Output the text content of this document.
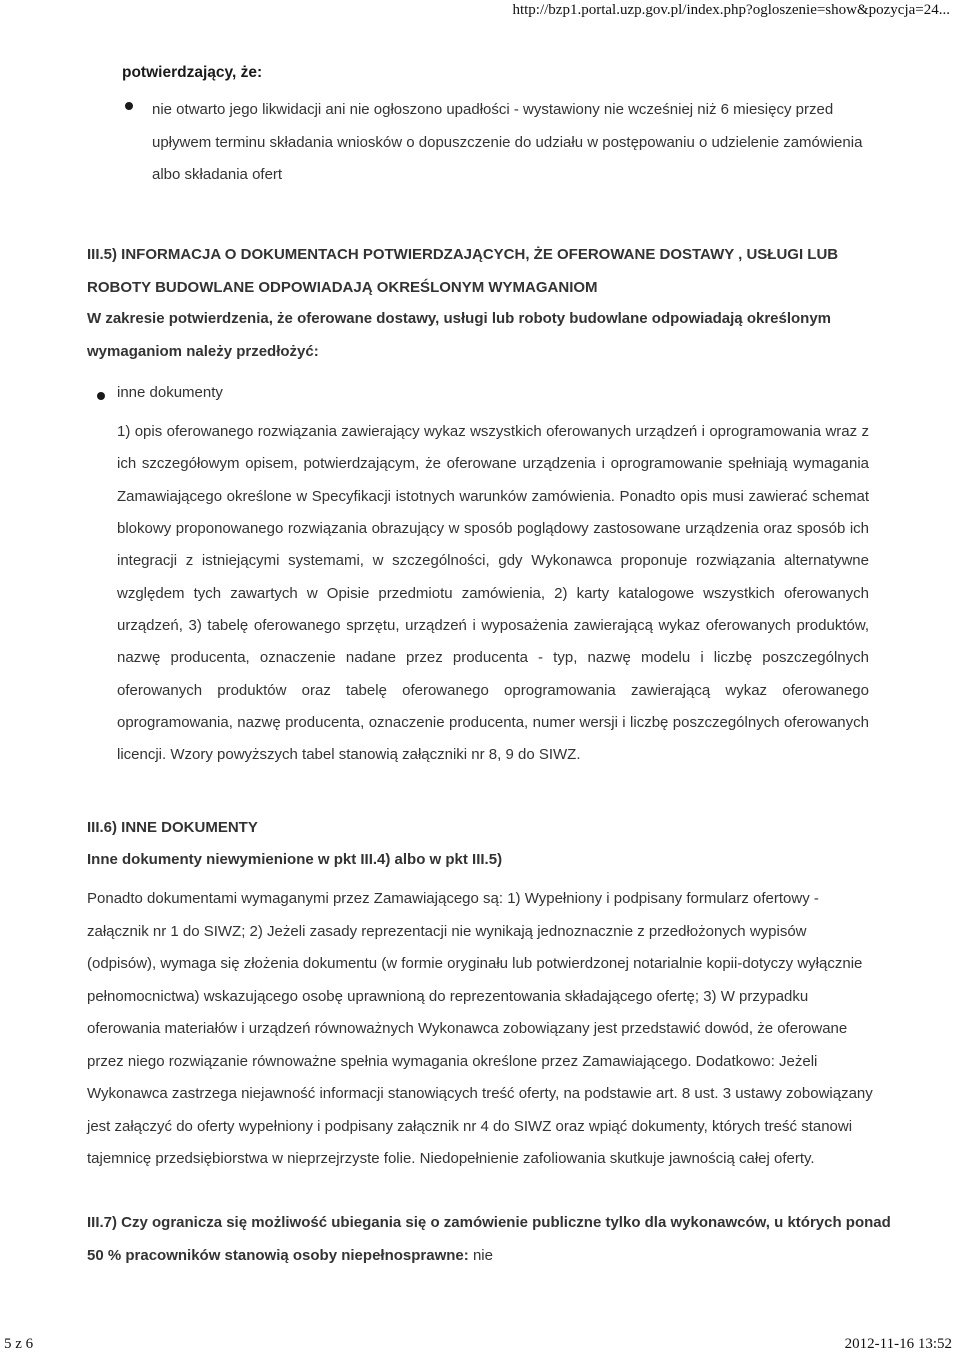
http://bzp1.portal.uzp.gov.pl/index.php?ogloszenie=show&pozycja=24...
potwierdzający, że:
nie otwarto jego likwidacji ani nie ogłoszono upadłości - wystawiony nie wcześniej niż 6 miesięcy przed upływem terminu składania wniosków o dopuszczenie do udziału w postępowaniu o udzielenie zamówienia albo składania ofert
III.5) INFORMACJA O DOKUMENTACH POTWIERDZAJĄCYCH, ŻE OFEROWANE DOSTAWY , USŁUGI LUB ROBOTY BUDOWLANE ODPOWIADAJĄ OKREŚLONYM WYMAGANIOM
W zakresie potwierdzenia, że oferowane dostawy, usługi lub roboty budowlane odpowiadają określonym wymaganiom należy przedłożyć:
inne dokumenty
1) opis oferowanego rozwiązania zawierający wykaz wszystkich oferowanych urządzeń i oprogramowania wraz z ich szczegółowym opisem, potwierdzającym, że oferowane urządzenia i oprogramowanie spełniają wymagania Zamawiającego określone w Specyfikacji istotnych warunków zamówienia. Ponadto opis musi zawierać schemat blokowy proponowanego rozwiązania obrazujący w sposób poglądowy zastosowane urządzenia oraz sposób ich integracji z istniejącymi systemami, w szczególności, gdy Wykonawca proponuje rozwiązania alternatywne względem tych zawartych w Opisie przedmiotu zamówienia, 2) karty katalogowe wszystkich oferowanych urządzeń, 3) tabelę oferowanego sprzętu, urządzeń i wyposażenia zawierającą wykaz oferowanych produktów, nazwę producenta, oznaczenie nadane przez producenta - typ, nazwę modelu i liczbę poszczególnych oferowanych produktów oraz tabelę oferowanego oprogramowania zawierającą wykaz oferowanego oprogramowania, nazwę producenta, oznaczenie producenta, numer wersji i liczbę poszczególnych oferowanych licencji. Wzory powyższych tabel stanowią załączniki nr 8, 9 do SIWZ.
III.6) INNE DOKUMENTY
Inne dokumenty niewymienione w pkt III.4) albo w pkt III.5)
Ponadto dokumentami wymaganymi przez Zamawiającego są: 1) Wypełniony i podpisany formularz ofertowy - załącznik nr 1 do SIWZ; 2) Jeżeli zasady reprezentacji nie wynikają jednoznacznie z przedłożonych wypisów (odpisów), wymaga się złożenia dokumentu (w formie oryginału lub potwierdzonej notarialnie kopii-dotyczy wyłącznie pełnomocnictwa) wskazującego osobę uprawnioną do reprezentowania składającego ofertę; 3) W przypadku oferowania materiałów i urządzeń równoważnych Wykonawca zobowiązany jest przedstawić dowód, że oferowane przez niego rozwiązanie równoważne spełnia wymagania określone przez Zamawiającego. Dodatkowo: Jeżeli Wykonawca zastrzega niejawność informacji stanowiących treść oferty, na podstawie art. 8 ust. 3 ustawy zobowiązany jest załączyć do oferty wypełniony i podpisany załącznik nr 4 do SIWZ oraz wpiąć dokumenty, których treść stanowi tajemnicę przedsiębiorstwa w nieprzejrzyste folie. Niedopełnienie zafoliowania skutkuje jawnością całej oferty.
III.7) Czy ogranicza się możliwość ubiegania się o zamówienie publiczne tylko dla wykonawców, u których ponad 50 % pracowników stanowią osoby niepełnosprawne: nie
5 z 6	2012-11-16 13:52
